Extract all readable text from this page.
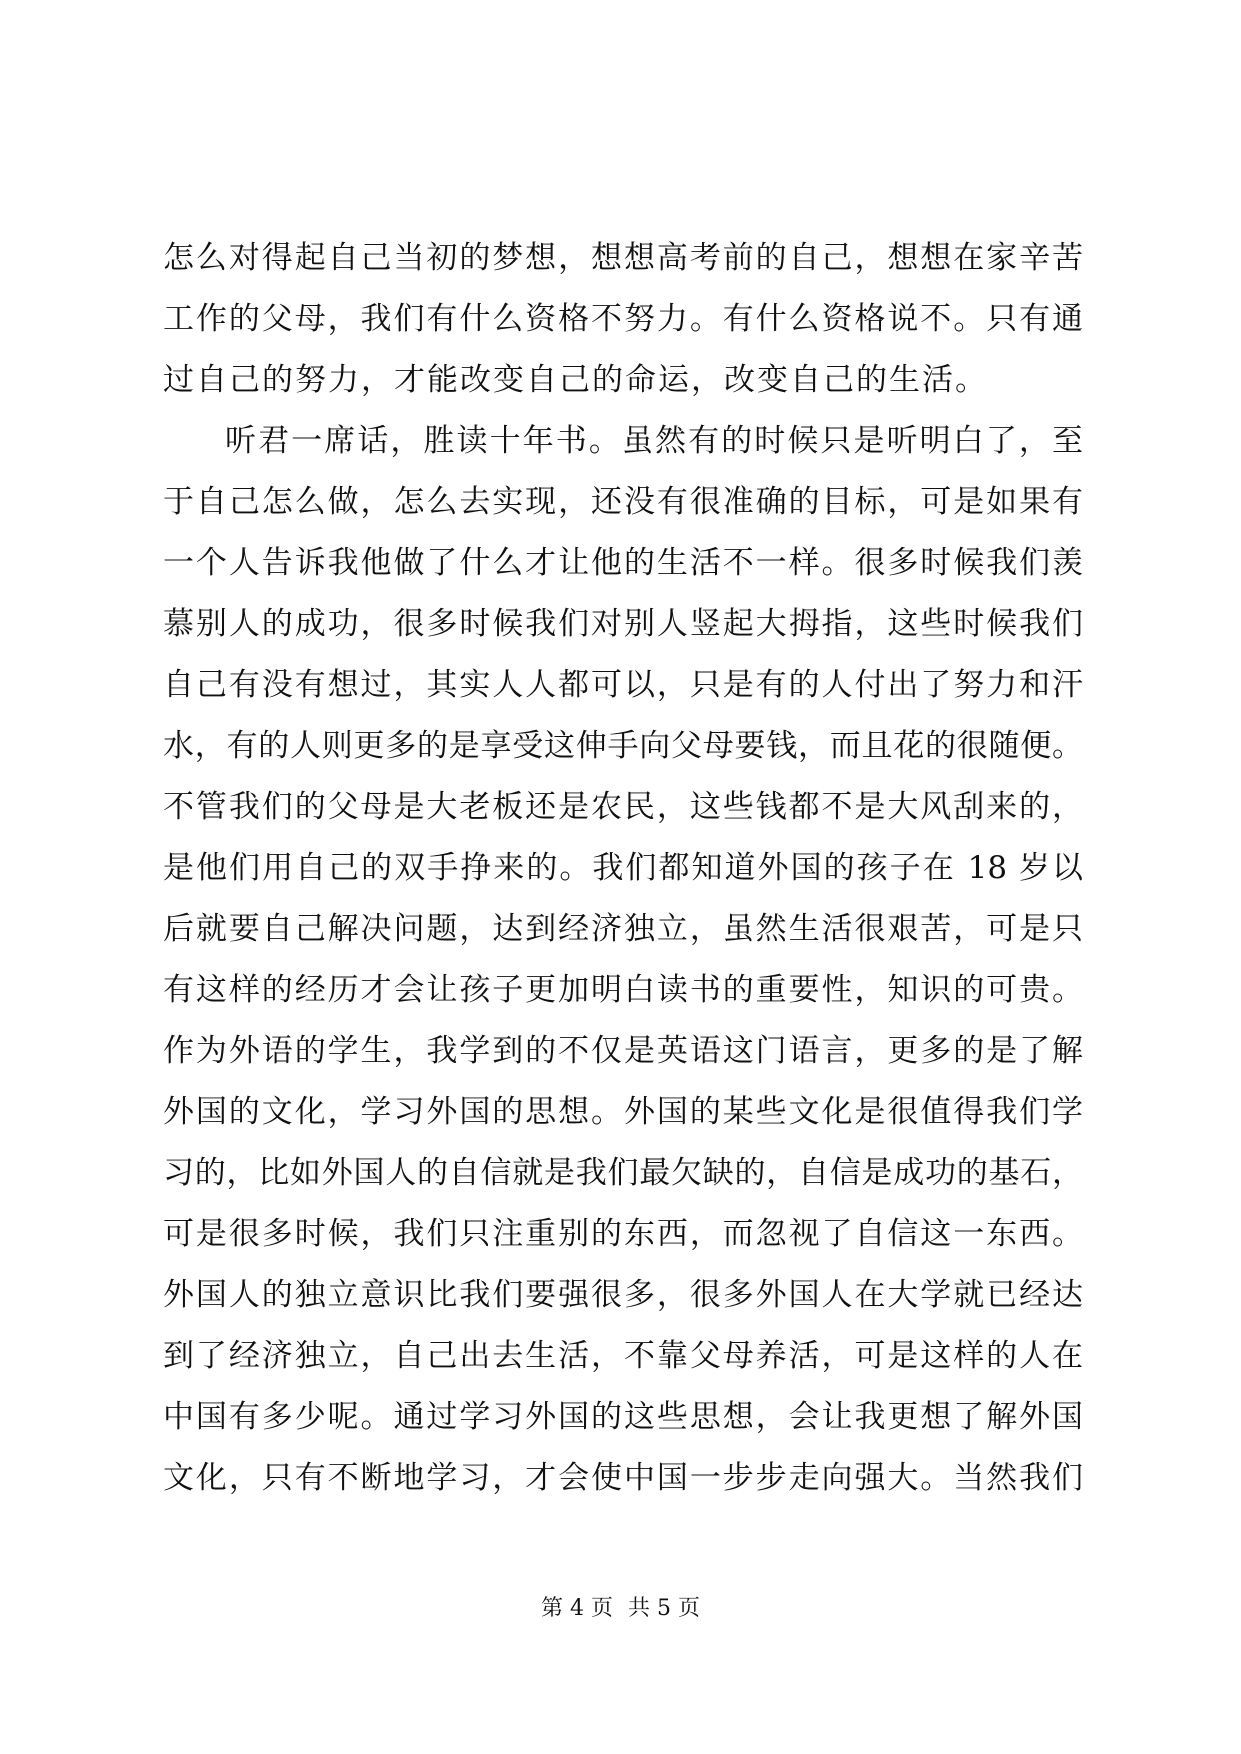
怎么对得起自己当初的梦想，想想高考前的自己，想想在家辛苦
工作的父母，我们有什么资格不努力。有什么资格说不。只有通
过自己的努力，才能改变自己的命运，改变自己的生活。
听君一席话，胜读十年书。虽然有的时候只是听明白了，至
于自己怎么做，怎么去实现，还没有很准确的目标，可是如果有
一个人告诉我他做了什么才让他的生活不一样。很多时候我们羡
慕别人的成功，很多时候我们对别人竖起大拇指，这些时候我们
自己有没有想过，其实人人都可以，只是有的人付出了努力和汗
水，有的人则更多的是享受这伸手向父母要钱，而且花的很随便。
不管我们的父母是大老板还是农民，这些钱都不是大风刮来的，
是他们用自己的双手挣来的。我们都知道外国的孩子在 18 岁以
后就要自己解决问题，达到经济独立，虽然生活很艰苦，可是只
有这样的经历才会让孩子更加明白读书的重要性，知识的可贵。
作为外语的学生，我学到的不仅是英语这门语言，更多的是了解
外国的文化，学习外国的思想。外国的某些文化是很值得我们学
习的，比如外国人的自信就是我们最欠缺的，自信是成功的基石，
可是很多时候，我们只注重别的东西，而忽视了自信这一东西。
外国人的独立意识比我们要强很多，很多外国人在大学就已经达
到了经济独立，自己出去生活，不靠父母养活，可是这样的人在
中国有多少呢。通过学习外国的这些思想，会让我更想了解外国
文化，只有不断地学习，才会使中国一步步走向强大。当然我们
第 4 页 共 5 页
